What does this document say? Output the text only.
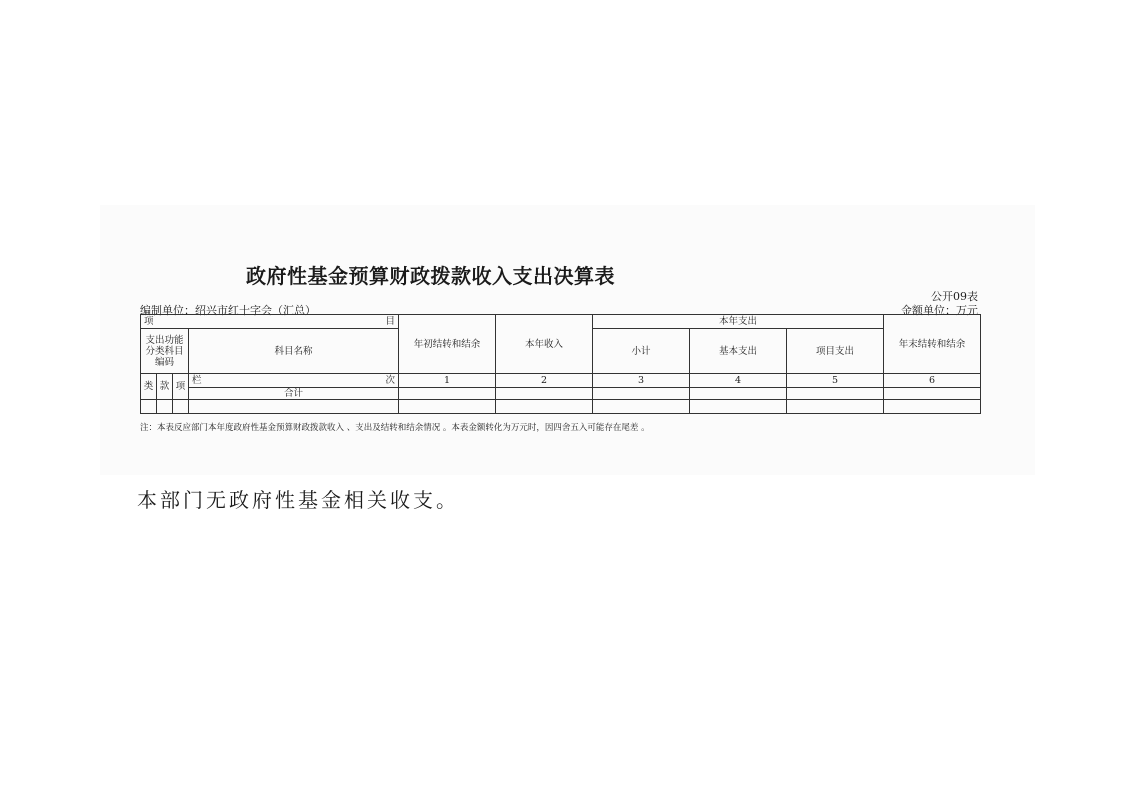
政府性基金预算财政拨款收入支出决算表
公开09表
编制单位：绍兴市红十字会（汇总）	金额单位：万元
项 目				年初结转和结余	本年收入	本年支出			年末结转和结余
支出功能
分类科目
编码			科目名称			小计	基本支出	项目支出	
类	款	项	栏 次	1	2	3	4	5	6
			合计						

注：本表反应部门本年度政府性基金预算财政拨款收入 、支出及结转和结余情况 。本表金额转化为万元时，因四舍五入可能存在尾差 。
本部门无政府性基金相关收支。
